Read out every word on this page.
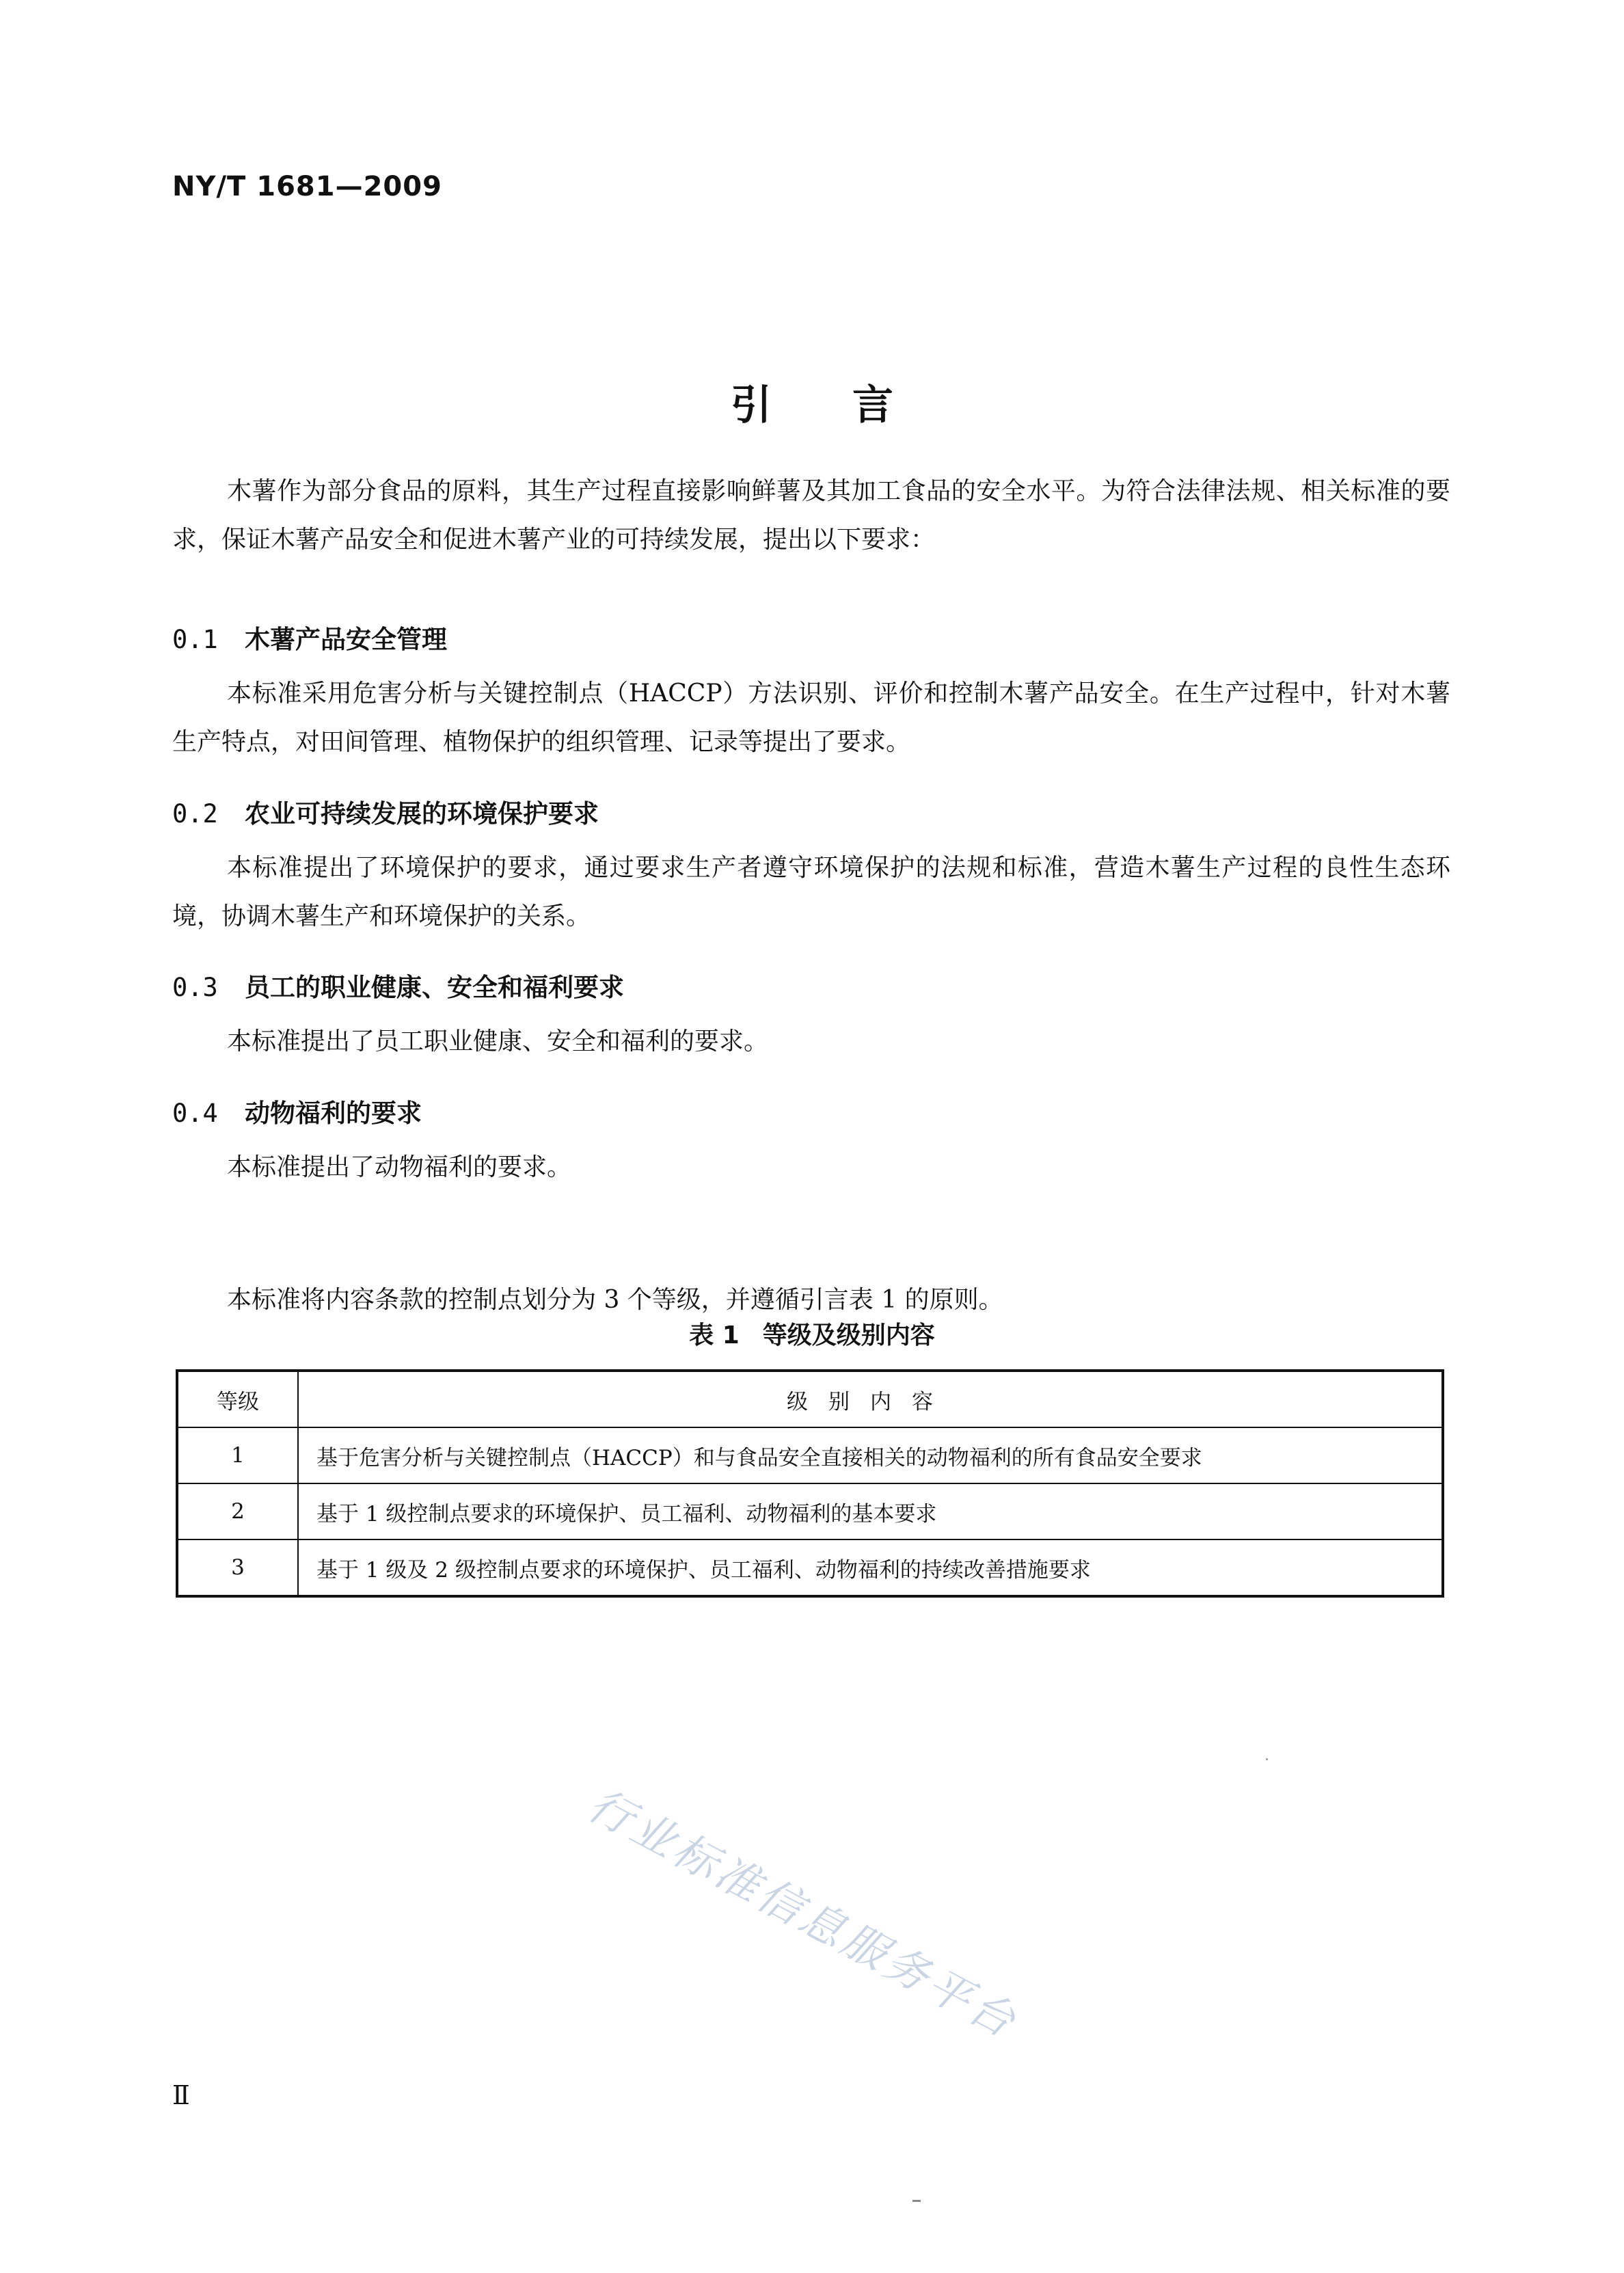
NY/T 1681—2009

引 言

木薯作为部分食品的原料，其生产过程直接影响鲜薯及其加工食品的安全水平。为符合法律法规、相关标准的要求，保证木薯产品安全和促进木薯产业的可持续发展，提出以下要求：

0.1 木薯产品安全管理

本标准采用危害分析与关键控制点（HACCP）方法识别、评价和控制木薯产品安全。在生产过程中，针对木薯生产特点，对田间管理、植物保护的组织管理、记录等提出了要求。

0.2 农业可持续发展的环境保护要求

本标准提出了环境保护的要求，通过要求生产者遵守环境保护的法规和标准，营造木薯生产过程的良性生态环境，协调木薯生产和环境保护的关系。

0.3 员工的职业健康、安全和福利要求

本标准提出了员工职业健康、安全和福利的要求。

0.4 动物福利的要求

本标准提出了动物福利的要求。

本标准将内容条款的控制点划分为 3 个等级，并遵循引言表 1 的原则。

表 1 等级及级别内容

等级	级别内容
1	基于危害分析与关键控制点（HACCP）和与食品安全直接相关的动物福利的所有食品安全要求
2	基于 1 级控制点要求的环境保护、员工福利、动物福利的基本要求
3	基于 1 级及 2 级控制点要求的环境保护、员工福利、动物福利的持续改善措施要求

行业标准信息服务平台

Ⅱ
